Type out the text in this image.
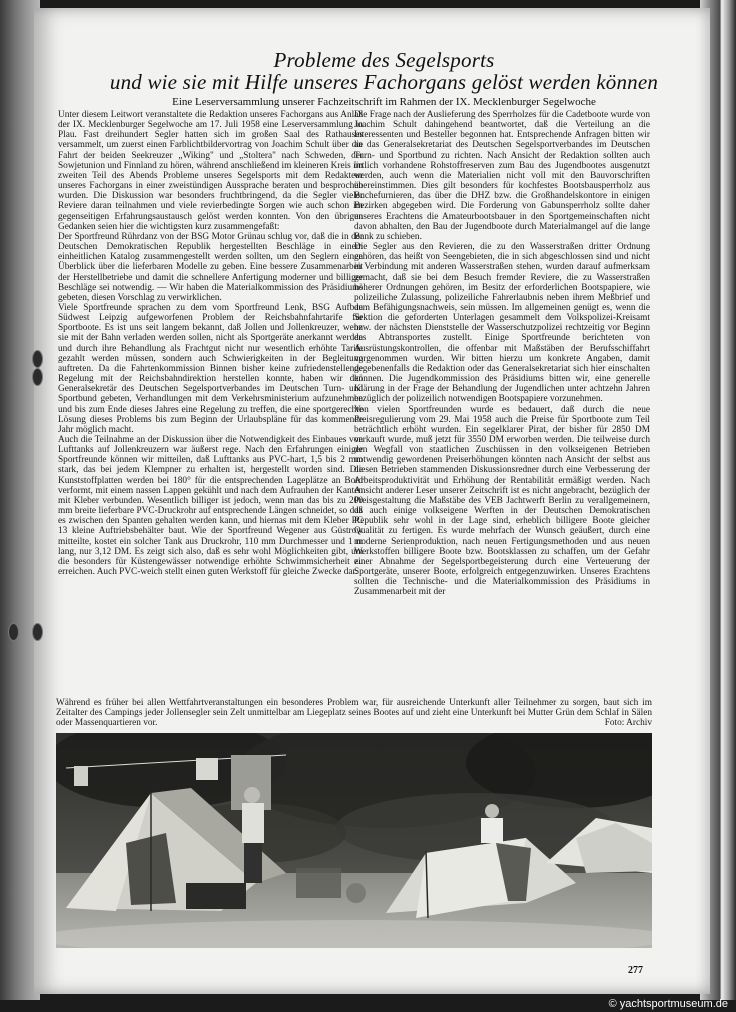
Probleme des Segelsports
und wie sie mit Hilfe unseres Fachorgans gelöst werden können
Eine Leserversammlung unserer Fachzeitschrift im Rahmen der IX. Mecklenburger Segelwoche

Unter diesem Leitwort veranstaltete die Redaktion unseres Fachorgans aus Anlaß der IX. Mecklenburger Segelwoche am 17. Juli 1958 eine Leserversammlung in Plau. Fast dreihundert Segler hatten sich im großen Saal des Rathauses versammelt, um zuerst einen Farblichtbildervortrag von Joachim Schult über die Fahrt der beiden Seekreuzer „Wiking" und „Stoltera" nach Schweden, der Sowjetunion und Finnland zu hören, während anschließend im kleineren Kreis im zweiten Teil des Abends Probleme unseres Segelsports mit dem Redakteur unseres Fachorgans in einer zweistündigen Aussprache beraten und besprochen wurden. Die Diskussion war besonders fruchtbringend, da die Segler vieler Reviere daran teilnahmen und viele revierbedingte Sorgen wie auch schon im gegenseitigen Erfahrungsaustausch gelöst werden konnten. Von den übrigen Gedanken seien hier die wichtigsten kurz zusammengefaßt:

Der Sportfreund Rührdanz von der BSG Motor Grünau schlug vor, daß die in der Deutschen Demokratischen Republik hergestellten Beschläge in einem einheitlichen Katalog zusammengestellt werden sollten, um den Seglern einen Überblick über die lieferbaren Modelle zu geben. Eine bessere Zusammenarbeit der Herstellbetriebe und damit die schnellere Anfertigung moderner und billiger Beschläge sei notwendig. — Wir haben die Materialkommission des Präsidiums gebeten, diesen Vorschlag zu verwirklichen.

Viele Sportfreunde sprachen zu dem vom Sportfreund Lenk, BSG Aufbau Südwest Leipzig aufgeworfenen Problem der Reichsbahnfahrtarife für Sportboote. Es ist uns seit langem bekannt, daß Jollen und Jollenkreuzer, wenn sie mit der Bahn verladen werden sollen, nicht als Sportgeräte anerkannt werden und durch ihre Behandlung als Frachtgut nicht nur wesentlich erhöhte Tarife gezahlt werden müssen, sondern auch Schwierigkeiten in der Begleitung auftreten. Da die Fahrtenkommission Binnen bisher keine zufriedenstellende Regelung mit der Reichsbahndirektion herstellen konnte, haben wir den Generalsekretär des Deutschen Segelsportverbandes im Deutschen Turn- und Sportbund gebeten, Verhandlungen mit dem Verkehrsministerium aufzunehmen und bis zum Ende dieses Jahres eine Regelung zu treffen, die eine sportgerechte Lösung dieses Problems bis zum Beginn der Urlaubspläne für das kommende Jahr möglich macht.

Auch die Teilnahme an der Diskussion über die Notwendigkeit des Einbaues von Lufttanks auf Jollenkreuzern war äußerst rege. Nach den Erfahrungen einiger Sportfreunde können wir mitteilen, daß Lufttanks aus PVC-hart, 1,5 bis 2 mm stark, das bei jedem Klempner zu erhalten ist, hergestellt worden sind. Die Kunststoffplatten werden bei 180° für die entsprechenden Lageplätze an Bord verformt, mit einem nassen Lappen gekühlt und nach dem Aufrauhen der Kanten mit Kleber verbunden. Wesentlich billiger ist jedoch, wenn man das bis zu 200 mm breite lieferbare PVC-Druckrohr auf entsprechende Längen schneidet, so daß es zwischen den Spanten gehalten werden kann, und hiernas mit dem Kleber PC 13 kleine Auftriebsbehälter baut. Wie der Sportfreund Wegener aus Güstrow mitteilte, kostet ein solcher Tank aus Druckrohr, 110 mm Durchmesser und 1 m lang, nur 3,12 DM. Es zeigt sich also, daß es sehr wohl Möglichkeiten gibt, um die besonders für Küstengewässer notwendige erhöhte Schwimmsicherheit zu erreichen. Auch PVC-weich stellt einen guten Werkstoff für gleiche Zwecke dar.

Die Frage nach der Auslieferung des Sperrholzes für die Cadetboote wurde von Joachim Schult dahingehend beantwortet, daß die Verteilung an die Interessenten und Besteller begonnen hat. Entsprechende Anfragen bitten wir an das Generalsekretariat des Deutschen Segelsportverbandes im Deutschen Turn- und Sportbund zu richten. Nach Ansicht der Redaktion sollten auch örtlich vorhandene Rohstoffreserven zum Bau des Jugendbootes ausgenutzt werden, auch wenn die Materialien nicht voll mit den Bauvorschriften übereinstimmen. Dies gilt besonders für kochfestes Bootsbausperrholz aus Buchefurnieren, das über die DHZ bzw. die Großhandelskontore in einigen Bezirken abgegeben wird. Die Forderung von Gabunsperrholz sollte daher unseres Erachtens die Amateurbootsbauer in den Sportgemeinschaften nicht davon abhalten, den Bau der Jugendboote durch Materialmangel auf die lange Bank zu schieben.

Die Segler aus den Revieren, die zu den Wasserstraßen dritter Ordnung gehören, das heißt von Seengebieten, die in sich abgeschlossen sind und nicht in Verbindung mit anderen Wasserstraßen stehen, wurden darauf aufmerksam gemacht, daß sie bei dem Besuch fremder Reviere, die zu Wasserstraßen höherer Ordnungen gehören, im Besitz der erforderlichen Bootspapiere, wie polizeiliche Zulassung, polizeiliche Fahrerlaubnis neben ihrem Meßbrief und dem Befähigungsnachweis, sein müssen. Im allgemeinen genügt es, wenn die Sektion die geforderten Unterlagen gesammelt dem Volkspolizei-Kreisamt bzw. der nächsten Dienststelle der Wasserschutzpolizei rechtzeitig vor Beginn des Abtransportes zustellt. Einige Sportfreunde berichteten von Ausrüstungskontrollen, die offenbar mit Maßstäben der Berufsschiffahrt vorgenommen wurden. Wir bitten hierzu um konkrete Angaben, damit gegebenenfalls die Redaktion oder das Generalsekretariat sich hier einschalten können. Die Jugendkommission des Präsidiums bitten wir, eine generelle Klärung in der Frage der Behandlung der Jugendlichen unter achtzehn Jahren bezüglich der polizeilich notwendigen Bootspapiere vorzunehmen.

Von vielen Sportfreunden wurde es bedauert, daß durch die neue Preisregulierung vom 29. Mai 1958 auch die Preise für Sportboote zum Teil beträchtlich erhöht wurden. Ein segelklarer Pirat, der bisher für 2850 DM verkauft wurde, muß jetzt für 3550 DM erworben werden. Die teilweise durch den Wegfall von staatlichen Zuschüssen in den volkseigenen Betrieben notwendig gewordenen Preiserhöhungen könnten nach Ansicht der selbst aus diesen Betrieben stammenden Diskussionsredner durch eine Verbesserung der Arbeitsproduktivität und Erhöhung der Rentabilität ermäßigt werden. Nach Ansicht anderer Leser unserer Zeitschrift ist es nicht angebracht, bezüglich der Preisgestaltung die Maßstäbe des VEB Jachtwerft Berlin zu verallgemeinern, da auch einige volkseigene Werften in der Deutschen Demokratischen Republik sehr wohl in der Lage sind, erheblich billigere Boote gleicher Qualität zu fertigen. Es wurde mehrfach der Wunsch geäußert, durch eine moderne Serienproduktion, nach neuen Fertigungsmethoden und aus neuen Werkstoffen billigere Boote bzw. Bootsklassen zu schaffen, um der Gefahr einer Abnahme der Segelsportbegeisterung durch eine Verteuerung der Sportgeräte, unserer Boote, erfolgreich entgegenzuwirken. Unseres Erachtens sollten die Technische- und die Materialkommission des Präsidiums in Zusammenarbeit mit der

Während es früher bei allen Wettfahrtveranstaltungen ein besonderes Problem war, für ausreichende Unterkunft aller Teilnehmer zu sorgen, baut sich im Zeitalter des Campings jeder Jollensegler sein Zelt unmittelbar am Liegeplatz seines Bootes auf und zieht eine Unterkunft bei Mutter Grün dem Schlaf in Sälen oder Massenquartieren vor.	Foto: Archiv
277
© yachtsportmuseum.de
